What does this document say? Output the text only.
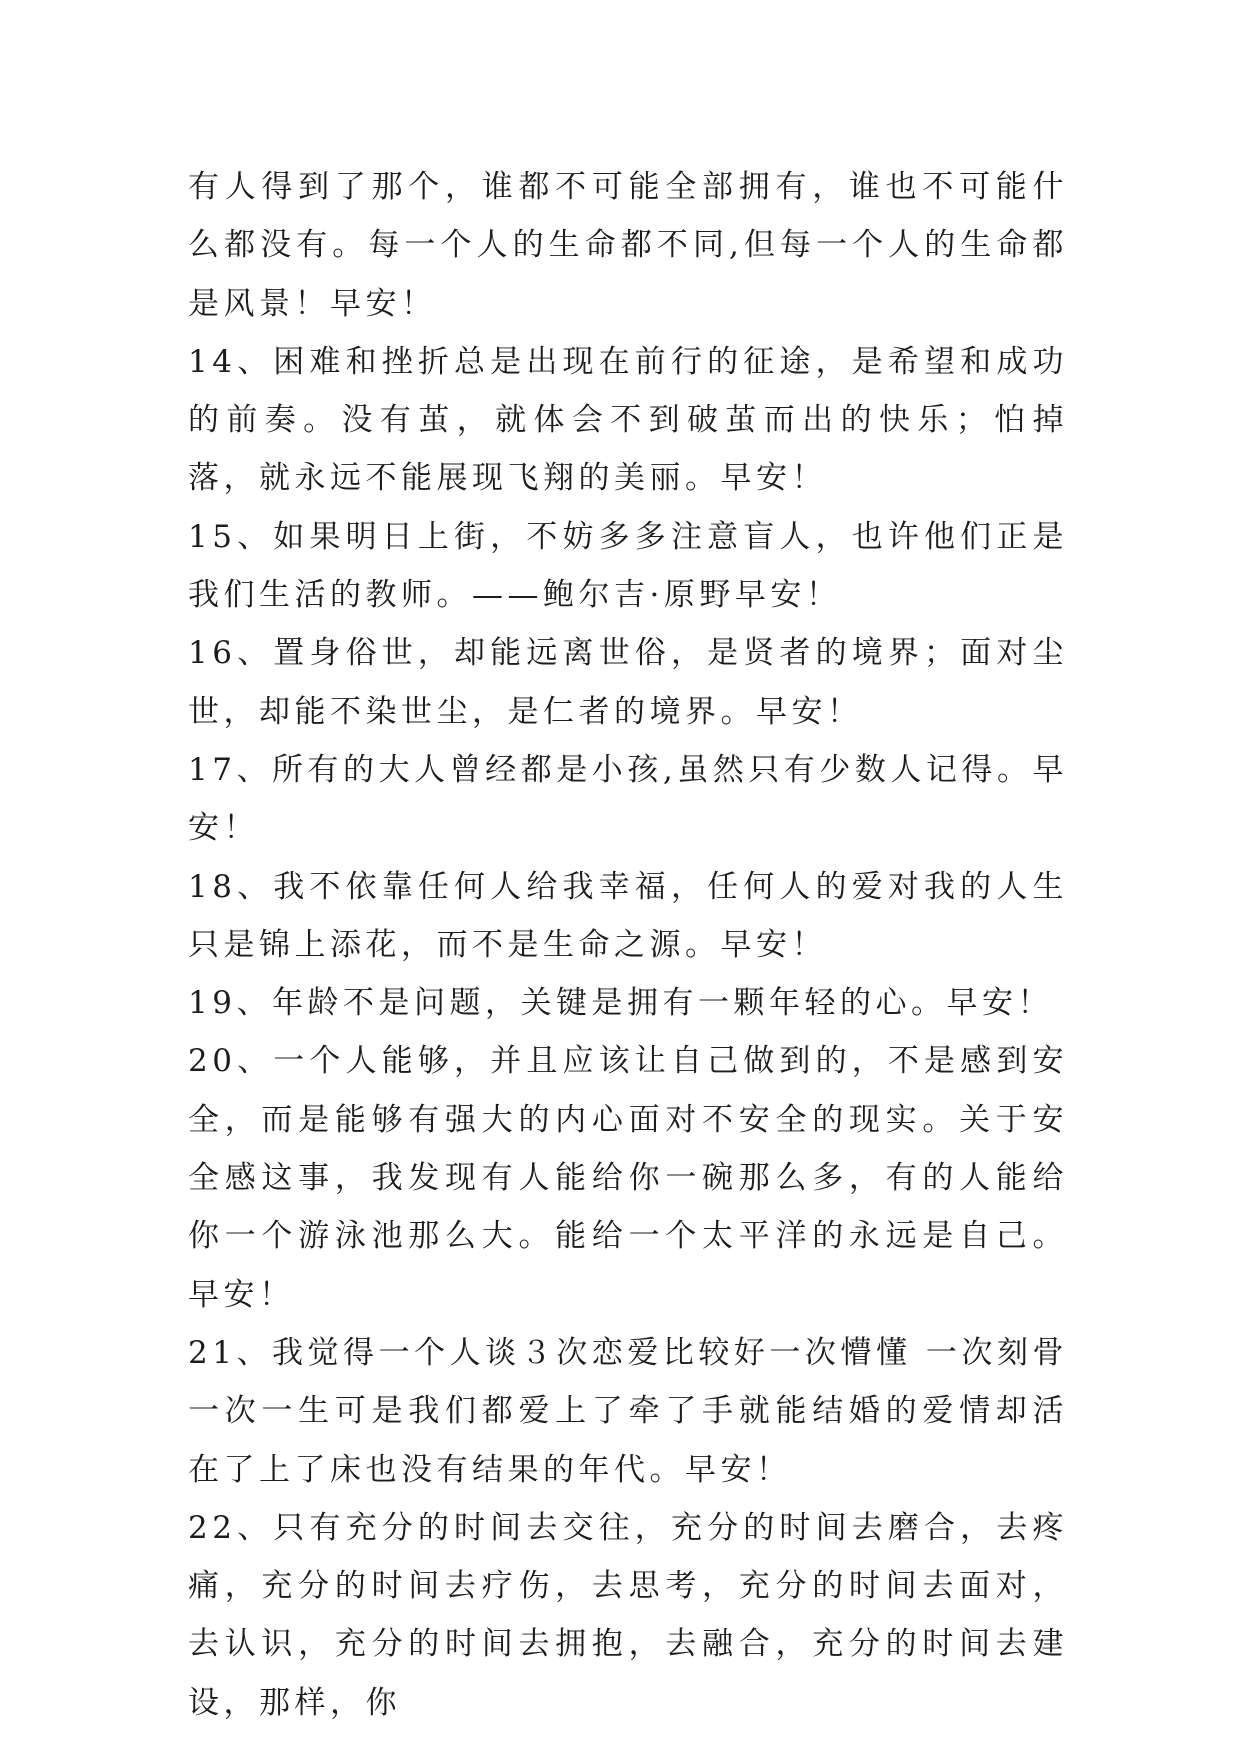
有人得到了那个，谁都不可能全部拥有，谁也不可能什么都没有。每一个人的生命都不同,但每一个人的生命都是风景！早安！

14、困难和挫折总是出现在前行的征途，是希望和成功的前奏。没有茧，就体会不到破茧而出的快乐；怕掉落，就永远不能展现飞翔的美丽。早安！

15、如果明日上街，不妨多多注意盲人，也许他们正是我们生活的教师。——鲍尔吉·原野早安！

16、置身俗世，却能远离世俗，是贤者的境界；面对尘世，却能不染世尘，是仁者的境界。早安！

17、所有的大人曾经都是小孩,虽然只有少数人记得。早安！

18、我不依靠任何人给我幸福，任何人的爱对我的人生只是锦上添花，而不是生命之源。早安！

19、年龄不是问题，关键是拥有一颗年轻的心。早安！

20、一个人能够，并且应该让自己做到的，不是感到安全，而是能够有强大的内心面对不安全的现实。关于安全感这事，我发现有人能给你一碗那么多，有的人能给你一个游泳池那么大。能给一个太平洋的永远是自己。早安！

21、我觉得一个人谈３次恋爱比较好一次懵懂 一次刻骨 一次一生可是我们都爱上了牵了手就能结婚的爱情却活在了上了床也没有结果的年代。早安！

22、只有充分的时间去交往，充分的时间去磨合，去疼痛，充分的时间去疗伤，去思考，充分的时间去面对，去认识，充分的时间去拥抱，去融合，充分的时间去建设，那样，你
